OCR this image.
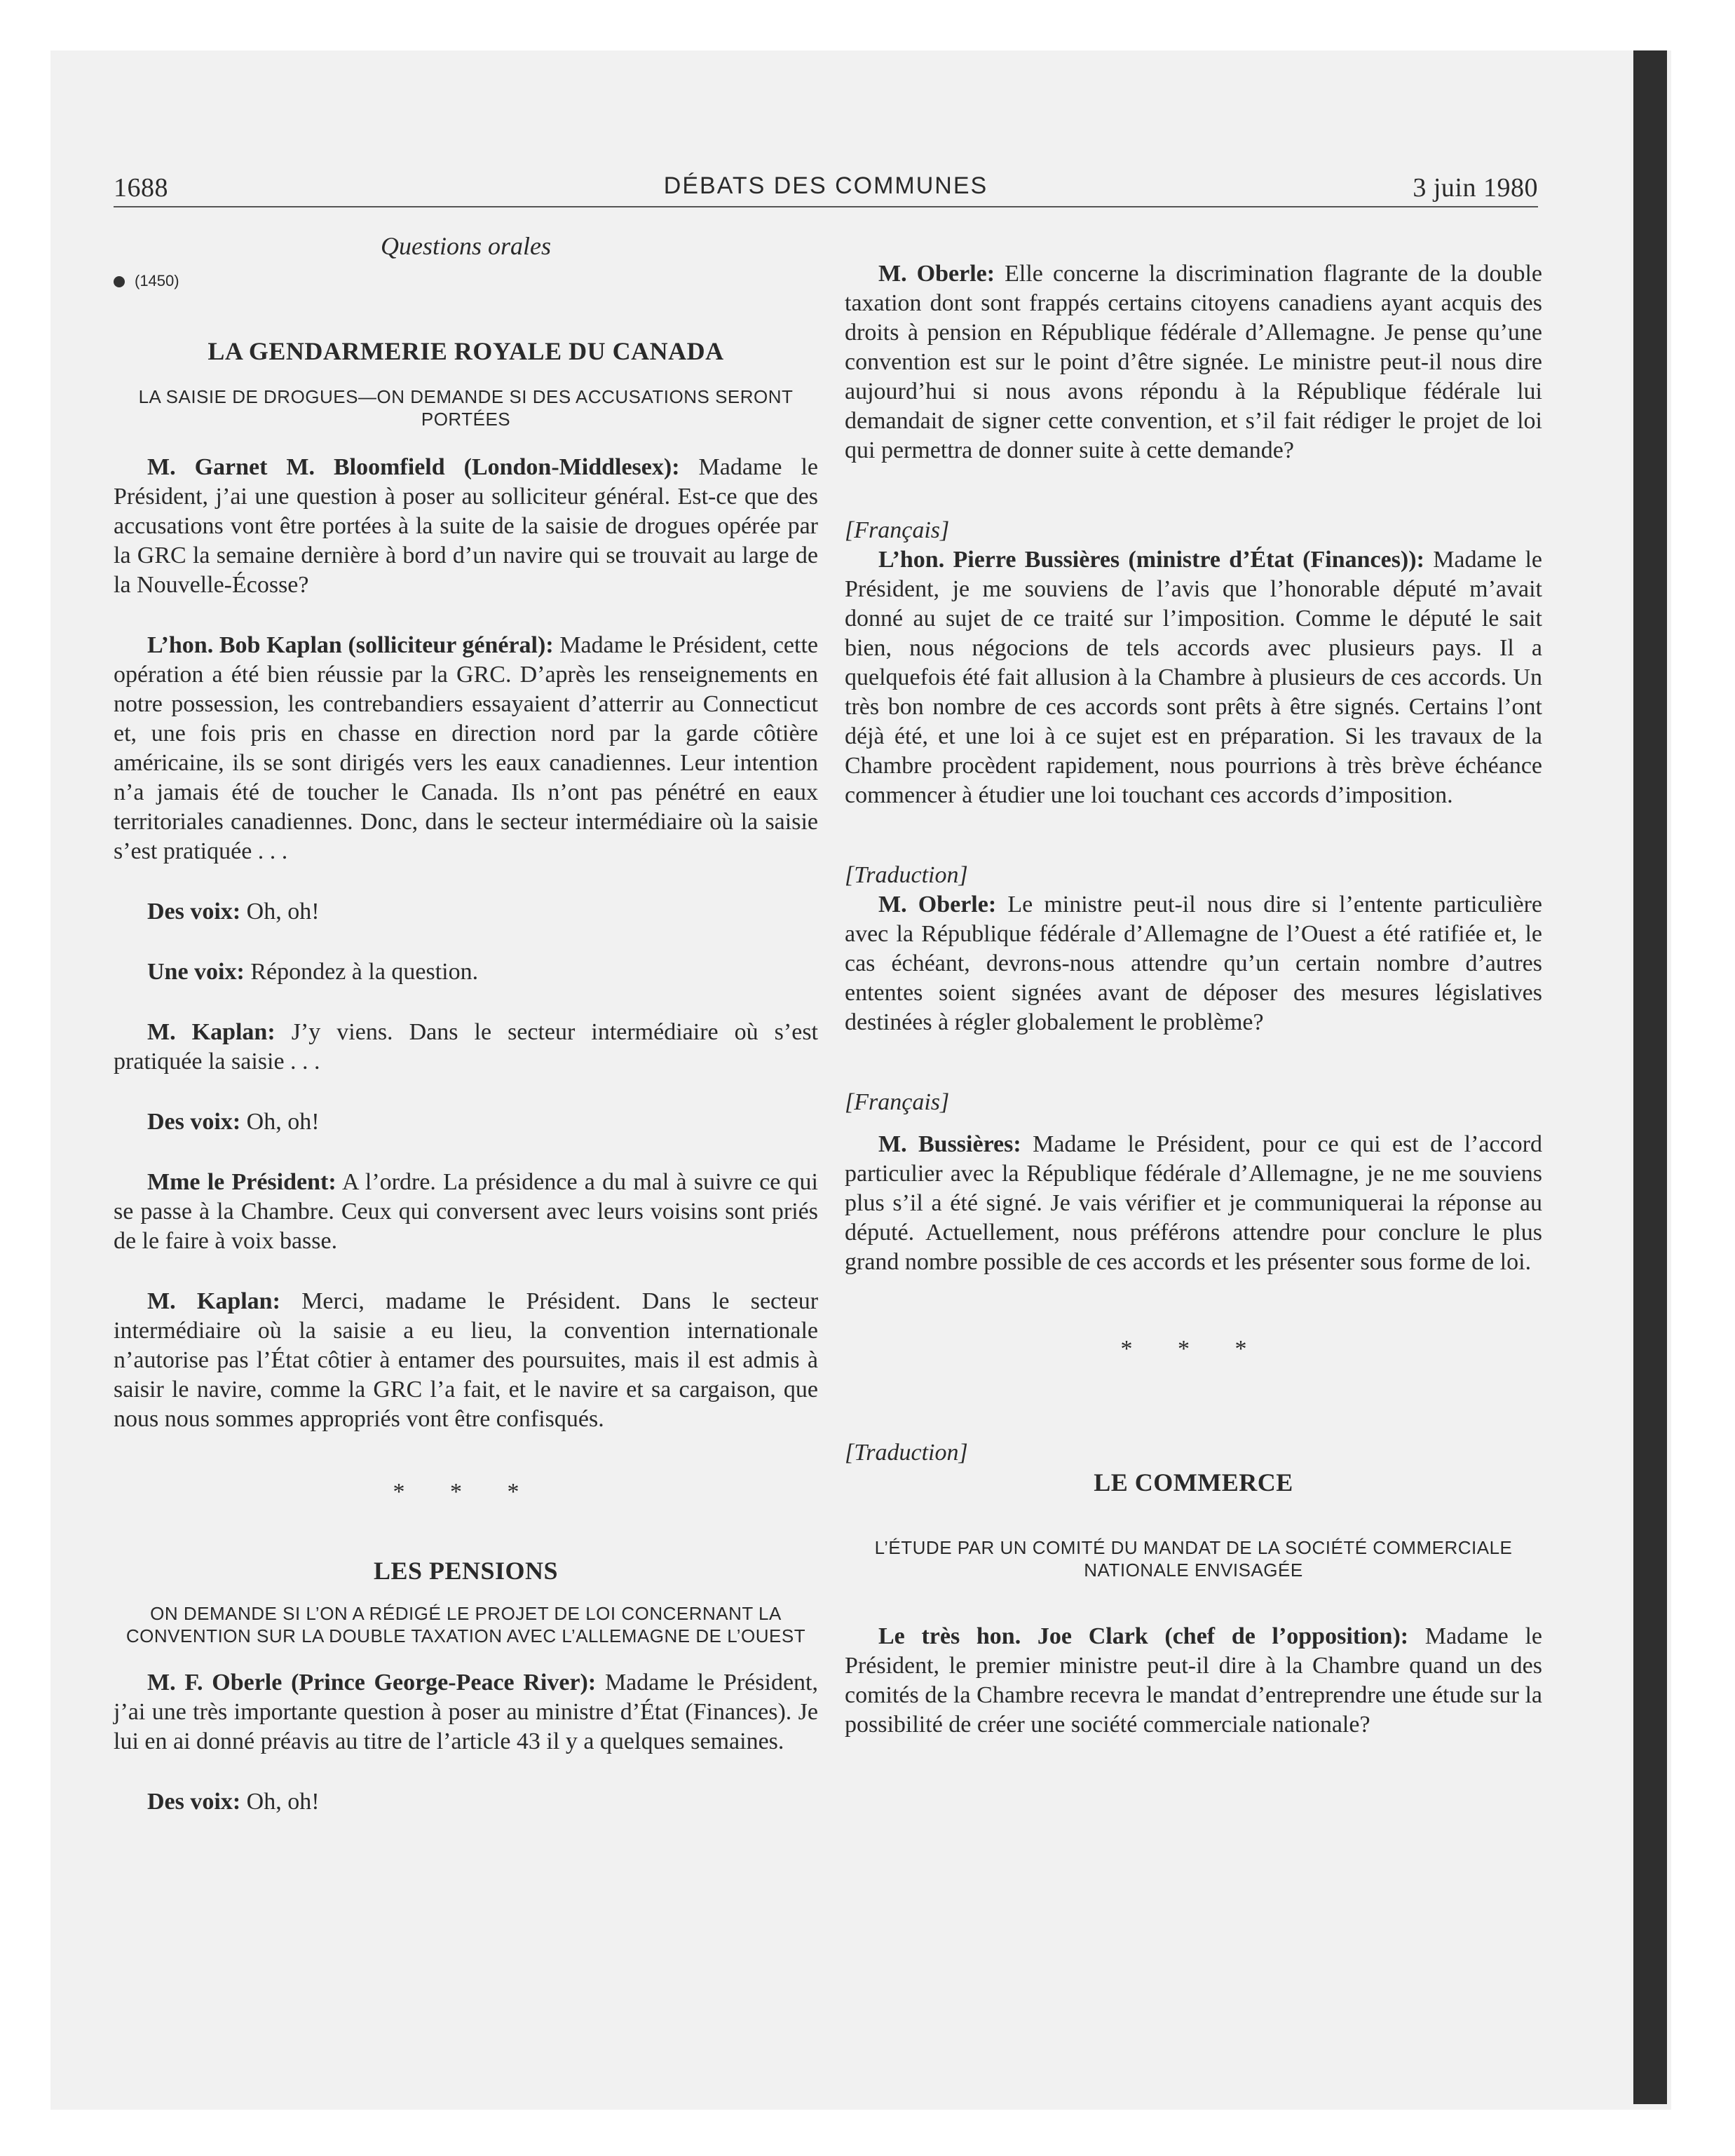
1688	DÉBATS DES COMMUNES	3 juin 1980
Questions orales
(1450)

LA GENDARMERIE ROYALE DU CANADA

LA SAISIE DE DROGUES—ON DEMANDE SI DES ACCUSATIONS SERONT PORTÉES

M. Garnet M. Bloomfield (London-Middlesex): Madame le Président, j’ai une question à poser au solliciteur général. Est-ce que des accusations vont être portées à la suite de la saisie de drogues opérée par la GRC la semaine dernière à bord d’un navire qui se trouvait au large de la Nouvelle-Écosse?

L’hon. Bob Kaplan (solliciteur général): Madame le Président, cette opération a été bien réussie par la GRC. D’après les renseignements en notre possession, les contrebandiers essayaient d’atterrir au Connecticut et, une fois pris en chasse en direction nord par la garde côtière américaine, ils se sont dirigés vers les eaux canadiennes. Leur intention n’a jamais été de toucher le Canada. Ils n’ont pas pénétré en eaux territoriales canadiennes. Donc, dans le secteur intermédiaire où la saisie s’est pratiquée . . .

Des voix: Oh, oh!

Une voix: Répondez à la question.

M. Kaplan: J’y viens. Dans le secteur intermédiaire où s’est pratiquée la saisie . . .

Des voix: Oh, oh!

Mme le Président: A l’ordre. La présidence a du mal à suivre ce qui se passe à la Chambre. Ceux qui conversent avec leurs voisins sont priés de le faire à voix basse.

M. Kaplan: Merci, madame le Président. Dans le secteur intermédiaire où la saisie a eu lieu, la convention internationale n’autorise pas l’État côtier à entamer des poursuites, mais il est admis à saisir le navire, comme la GRC l’a fait, et le navire et sa cargaison, que nous nous sommes appropriés vont être confisqués.

* * *

LES PENSIONS

ON DEMANDE SI L’ON A RÉDIGÉ LE PROJET DE LOI CONCERNANT LA CONVENTION SUR LA DOUBLE TAXATION AVEC L’ALLEMAGNE DE L’OUEST

M. F. Oberle (Prince George-Peace River): Madame le Président, j’ai une très importante question à poser au ministre d’État (Finances). Je lui en ai donné préavis au titre de l’article 43 il y a quelques semaines.

Des voix: Oh, oh!

M. Oberle: Elle concerne la discrimination flagrante de la double taxation dont sont frappés certains citoyens canadiens ayant acquis des droits à pension en République fédérale d’Allemagne. Je pense qu’une convention est sur le point d’être signée. Le ministre peut-il nous dire aujourd’hui si nous avons répondu à la République fédérale lui demandait de signer cette convention, et s’il fait rédiger le projet de loi qui permettra de donner suite à cette demande?

[Français]

L’hon. Pierre Bussières (ministre d’État (Finances)): Madame le Président, je me souviens de l’avis que l’honorable député m’avait donné au sujet de ce traité sur l’imposition. Comme le député le sait bien, nous négocions de tels accords avec plusieurs pays. Il a quelquefois été fait allusion à la Chambre à plusieurs de ces accords. Un très bon nombre de ces accords sont prêts à être signés. Certains l’ont déjà été, et une loi à ce sujet est en préparation. Si les travaux de la Chambre procèdent rapidement, nous pourrions à très brève échéance commencer à étudier une loi touchant ces accords d’imposition.

[Traduction]

M. Oberle: Le ministre peut-il nous dire si l’entente particulière avec la République fédérale d’Allemagne de l’Ouest a été ratifiée et, le cas échéant, devrons-nous attendre qu’un certain nombre d’autres ententes soient signées avant de déposer des mesures législatives destinées à régler globalement le problème?

[Français]

M. Bussières: Madame le Président, pour ce qui est de l’accord particulier avec la République fédérale d’Allemagne, je ne me souviens plus s’il a été signé. Je vais vérifier et je communiquerai la réponse au député. Actuellement, nous préférons attendre pour conclure le plus grand nombre possible de ces accords et les présenter sous forme de loi.

* * *

[Traduction]

LE COMMERCE

L’ÉTUDE PAR UN COMITÉ DU MANDAT DE LA SOCIÉTÉ COMMERCIALE NATIONALE ENVISAGÉE

Le très hon. Joe Clark (chef de l’opposition): Madame le Président, le premier ministre peut-il dire à la Chambre quand un des comités de la Chambre recevra le mandat d’entreprendre une étude sur la possibilité de créer une société commerciale nationale?
